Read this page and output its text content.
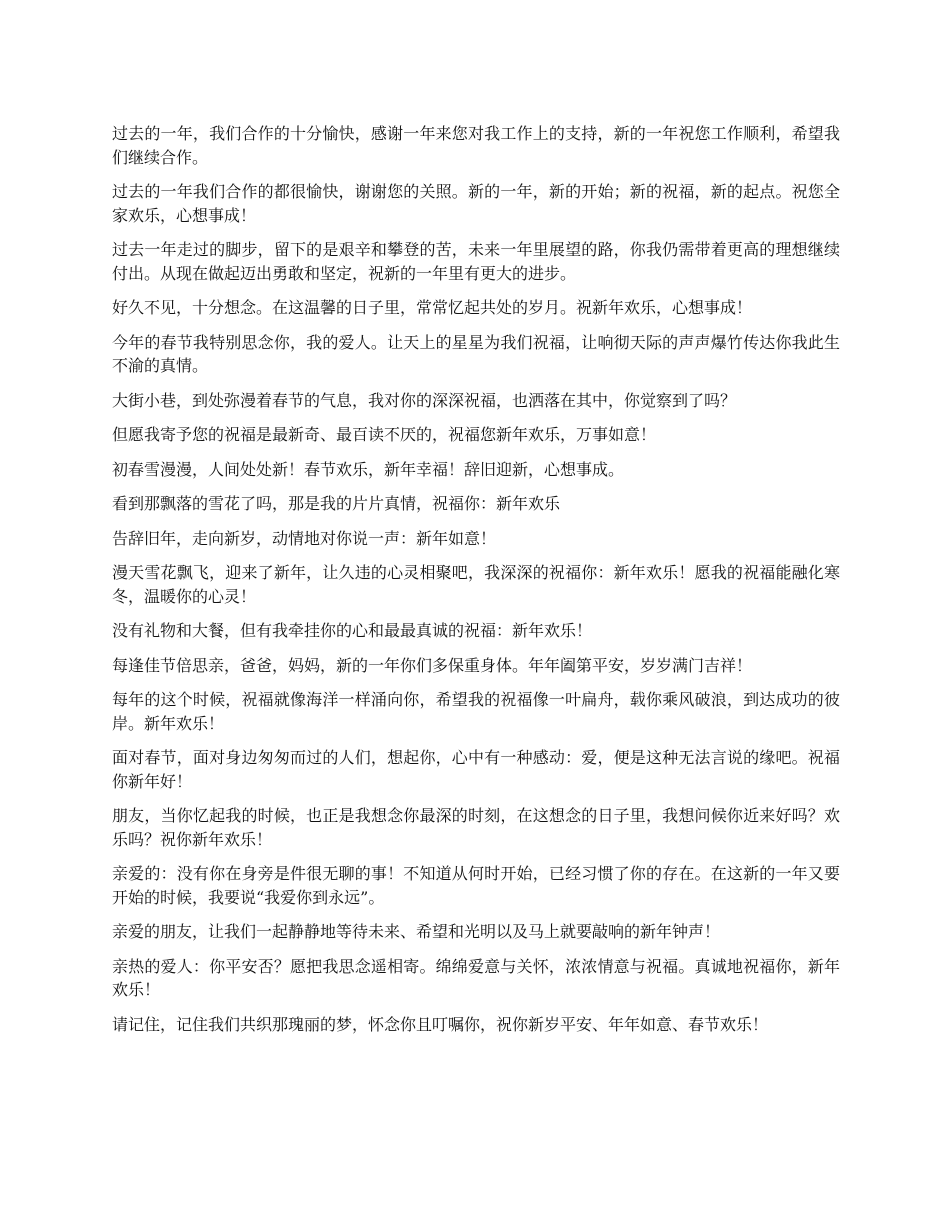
过去的一年，我们合作的十分愉快，感谢一年来您对我工作上的支持，新的一年祝您工作顺利，希望我们继续合作。

过去的一年我们合作的都很愉快，谢谢您的关照。新的一年，新的开始；新的祝福，新的起点。祝您全家欢乐，心想事成！

过去一年走过的脚步，留下的是艰辛和攀登的苦，未来一年里展望的路，你我仍需带着更高的理想继续付出。从现在做起迈出勇敢和坚定，祝新的一年里有更大的进步。

好久不见，十分想念。在这温馨的日子里，常常忆起共处的岁月。祝新年欢乐，心想事成！

今年的春节我特别思念你，我的爱人。让天上的星星为我们祝福，让响彻天际的声声爆竹传达你我此生不渝的真情。

大街小巷，到处弥漫着春节的气息，我对你的深深祝福，也洒落在其中，你觉察到了吗？

但愿我寄予您的祝福是最新奇、最百读不厌的，祝福您新年欢乐，万事如意！

初春雪漫漫，人间处处新！春节欢乐，新年幸福！辞旧迎新，心想事成。

看到那飘落的雪花了吗，那是我的片片真情，祝福你：新年欢乐

告辞旧年，走向新岁，动情地对你说一声：新年如意！

漫天雪花飘飞，迎来了新年，让久违的心灵相聚吧，我深深的祝福你：新年欢乐！愿我的祝福能融化寒冬，温暖你的心灵！

没有礼物和大餐，但有我牵挂你的心和最最真诚的祝福：新年欢乐！

每逢佳节倍思亲，爸爸，妈妈，新的一年你们多保重身体。年年阖第平安，岁岁满门吉祥！

每年的这个时候，祝福就像海洋一样涌向你，希望我的祝福像一叶扁舟，载你乘风破浪，到达成功的彼岸。新年欢乐！

面对春节，面对身边匆匆而过的人们，想起你，心中有一种感动：爱，便是这种无法言说的缘吧。祝福你新年好！

朋友，当你忆起我的时候，也正是我想念你最深的时刻，在这想念的日子里，我想问候你近来好吗？欢乐吗？祝你新年欢乐！

亲爱的：没有你在身旁是件很无聊的事！不知道从何时开始，已经习惯了你的存在。在这新的一年又要开始的时候，我要说“我爱你到永远”。

亲爱的朋友，让我们一起静静地等待未来、希望和光明以及马上就要敲响的新年钟声！

亲热的爱人：你平安否？愿把我思念遥相寄。绵绵爱意与关怀，浓浓情意与祝福。真诚地祝福你，新年欢乐！

请记住，记住我们共织那瑰丽的梦，怀念你且叮嘱你，祝你新岁平安、年年如意、春节欢乐！
